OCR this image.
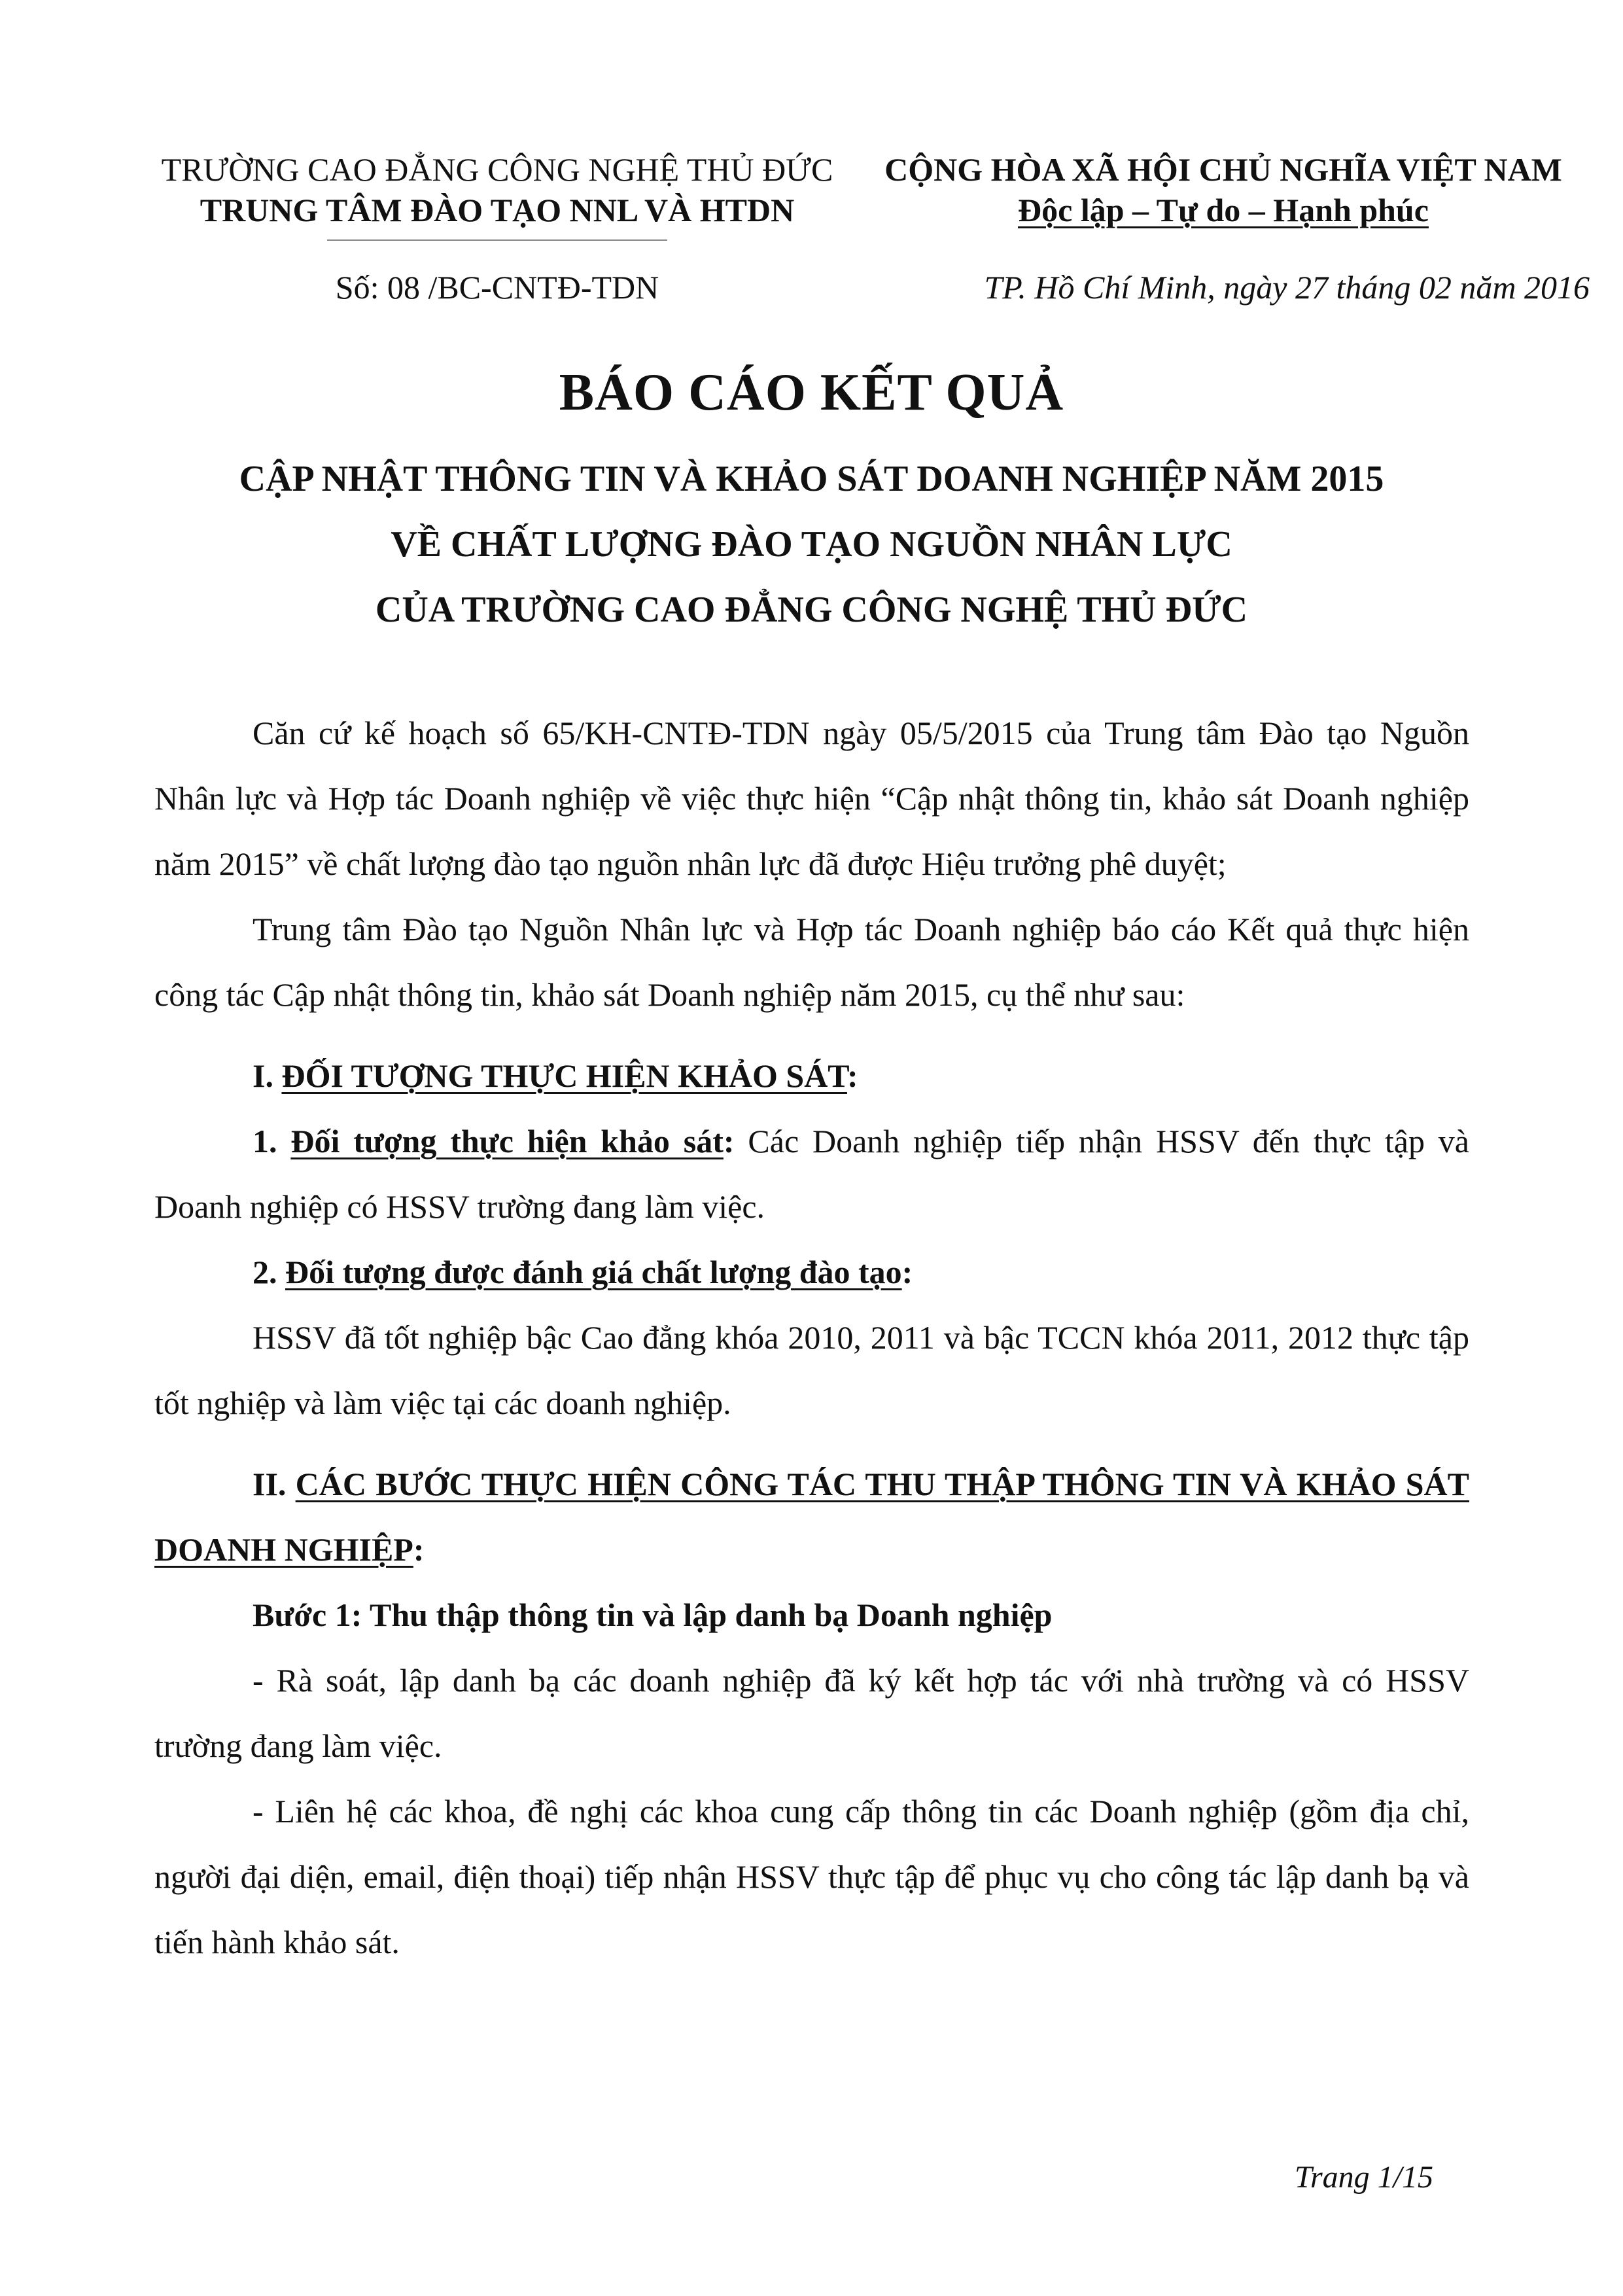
TRƯỜNG CAO ĐẲNG CÔNG NGHỆ THỦ ĐỨC
TRUNG TÂM ĐÀO TẠO NNL VÀ HTDN
CỘNG HÒA XÃ HỘI CHỦ NGHĨA VIỆT NAM
Độc lập – Tự do – Hạnh phúc
Số: 08 /BC-CNTĐ-TDN	TP. Hồ Chí Minh, ngày 27 tháng 02 năm 2016
BÁO CÁO KẾT QUẢ
CẬP NHẬT THÔNG TIN VÀ KHẢO SÁT DOANH NGHIỆP NĂM 2015
VỀ CHẤT LƯỢNG ĐÀO TẠO NGUỒN NHÂN LỰC
CỦA TRƯỜNG CAO ĐẲNG CÔNG NGHỆ THỦ ĐỨC

Căn cứ kế hoạch số 65/KH-CNTĐ-TDN ngày 05/5/2015 của Trung tâm Đào tạo Nguồn Nhân lực và Hợp tác Doanh nghiệp về việc thực hiện “Cập nhật thông tin, khảo sát Doanh nghiệp năm 2015” về chất lượng đào tạo nguồn nhân lực đã được Hiệu trưởng phê duyệt;

Trung tâm Đào tạo Nguồn Nhân lực và Hợp tác Doanh nghiệp báo cáo Kết quả thực hiện công tác Cập nhật thông tin, khảo sát Doanh nghiệp năm 2015, cụ thể như sau:

I. ĐỐI TƯỢNG THỰC HIỆN KHẢO SÁT:

1. Đối tượng thực hiện khảo sát: Các Doanh nghiệp tiếp nhận HSSV đến thực tập và Doanh nghiệp có HSSV trường đang làm việc.

2. Đối tượng được đánh giá chất lượng đào tạo:

HSSV đã tốt nghiệp bậc Cao đẳng khóa 2010, 2011 và bậc TCCN khóa 2011, 2012 thực tập tốt nghiệp và làm việc tại các doanh nghiệp.

II. CÁC BƯỚC THỰC HIỆN CÔNG TÁC THU THẬP THÔNG TIN VÀ KHẢO SÁT DOANH NGHIỆP:

Bước 1: Thu thập thông tin và lập danh bạ Doanh nghiệp

- Rà soát, lập danh bạ các doanh nghiệp đã ký kết hợp tác với nhà trường và có HSSV trường đang làm việc.

- Liên hệ các khoa, đề nghị các khoa cung cấp thông tin các Doanh nghiệp (gồm địa chỉ, người đại diện, email, điện thoại) tiếp nhận HSSV thực tập để phục vụ cho công tác lập danh bạ và tiến hành khảo sát.

Trang 1/15
